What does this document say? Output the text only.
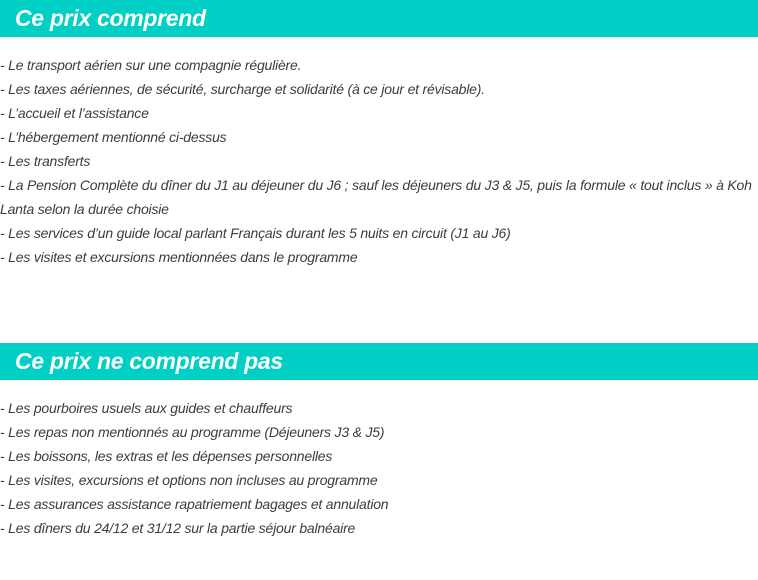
Ce prix comprend
- Le transport aérien sur une compagnie régulière.
- Les taxes aériennes, de sécurité, surcharge et solidarité (à ce jour et révisable).
- L’accueil et l’assistance
- L’hébergement mentionné ci-dessus
- Les transferts
- La Pension Complète du dîner du J1 au déjeuner du J6 ; sauf les déjeuners du J3 & J5, puis la formule « tout inclus » à Koh Lanta selon la durée choisie
- Les services d’un guide local parlant Français durant les 5 nuits en circuit (J1 au J6)
- Les visites et excursions mentionnées dans le programme
Ce prix ne comprend pas
- Les pourboires usuels aux guides et chauffeurs
- Les repas non mentionnés au programme (Déjeuners J3 & J5)
- Les boissons, les extras et les dépenses personnelles
- Les visites, excursions et options non incluses au programme
- Les assurances assistance rapatriement bagages et annulation
- Les dîners du 24/12 et 31/12 sur la partie séjour balnéaire
